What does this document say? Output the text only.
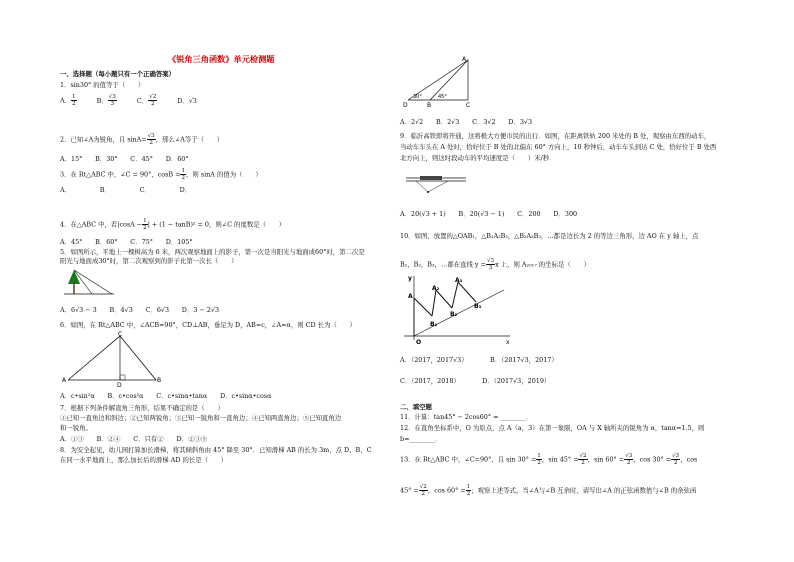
《锐角三角函数》单元检测题
一、选择题（每小题只有一个正确答案）
1．sin30° 的值等于（　　）
A． $\frac{1}{2}$	B． $\frac{√3}{3}$	C． $\frac{√2}{2}$	D．√3
2．已知∠A为锐角，且 $\sin A= \frac{√3}{2}$ ，那么∠A等于（　　）
A．15°　　B．30°　　C．45°　　D．60°
3．在 Rt△ABC 中，∠C = 90°，$\cos B = \frac{1}{2}$ ，则 sinA 的值为（　　）
A．　　　　　B．　　　　　C．　　　　　D．
4．在△ABC 中，若$|\cos A - \frac{1}{2}$ | + (1 − tanB)² = 0，则∠C 的度数是（　　）
A．45°　　B．60°　　C．75°　　D．105°
5．如图所示，平地上一棵树高为 6 米，两次观察地面上的影子，第一次是当阳光与地面成60°时，第二次是
阳光与地面成30°时，第二次观察到的影子比第一次长（　　）
A．6√3 − 3　　B．4√3　　C．6√3　　D．3 − 2√3
6．如图，在 Rt△ABC 中，∠ACB=90°，CD⊥AB，垂足为 D，AB=c，∠A=α，则 CD 长为（　　）
C
A
D
B
A．c•sin²α　　B．c•cos²α　　C．c•sinα•tanα　　D．c•sinα•cosα
7．根据下列条件解直角三角形，结果不确定的是（　　）
①已知一直角边和斜边；②已知两锐角；③已知一锐角和一直角边；④已知两直角边；⑤已知直角边
和一锐角。
A．①③　　B．②④　　C．只有②　　D．②③⑤
8．为安全起见，幼儿园打算加长滑梯，将其倾斜角由 45° 降至 30°．已知滑梯 AB 的长为 3m，点 D、B、C
在同一水平地面上，那么加长后的滑梯 AD 的长是（　　）
A
30°	45°
D	B	C
A．2√2　　B．2√3　　C．3√2　　D．3√3
9．临沂高铁即将开通，这将极大方便市民的出行．如图，在距离铁轨 200 米处的 B 处，观察由东西的动车，
当动车车头在 A 处时，恰好位于 B 处的北偏东 60° 方向上，10 秒钟后，动车车头到达 C 处，恰好位于 B 处西
北方向上，则这时段动车的平均速度是（　　）米/秒．
A．20(√3 + 1)　　B．20(√3 − 1)　　C．200　　D．300
10．如图，放置的△OAB₁，△B₁A₂B₂，△B₂A₃B₃，…都是边长为 2 的等边三角形，边 AO 在 y 轴上，点
B₁，B₂，B₃，…都在直线 $y = \frac{√3}{3}$ x 上，则 A₂₀₁₇ 的坐标是（　　）
y
A₂
A₃
A
B₃
B₂
B₁
O	x
A．（2017，2017√3）　　　　B．（2017√3，2017）
C．（2017，2018）　　　　D．（2017√3，2019）
二、填空题
11．计算：tan45° − 2cos60° = ________．
12．在直角坐标系中，O 为原点，点 A（a，3）在第一象限，OA 与 X 轴所夹的锐角为 α，tanα=1.5，则
b=________．
13．在 Rt△ABC 中，∠C=90°，且 $\sin 30^\circ = \frac{1}{2}$ ，$\sin 45^\circ = \frac{√2}{2}$ ，$\sin 60^\circ = \frac{√3}{2}$ ，$\cos 30^\circ = \frac{√3}{2}$ ，cos
$45^\circ = \frac{√2}{2}$ ，$\cos 60^\circ = \frac{1}{2}$ ；观察上述等式，当∠A与∠B 互余时，请写出∠A 的正弦函数值与∠B 的余弦函
